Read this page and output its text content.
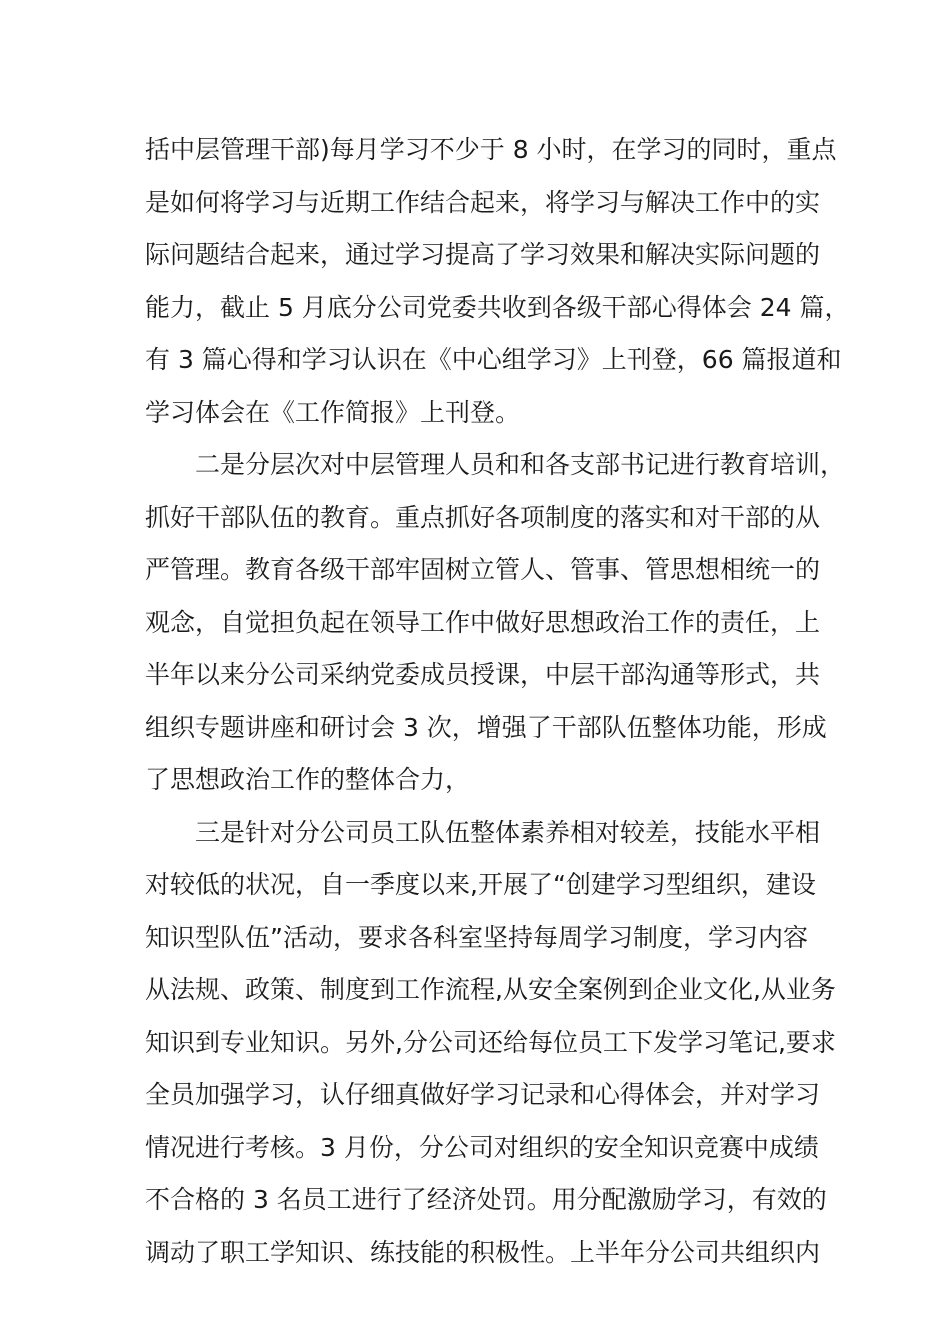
括中层管理干部)每月学习不少于 8 小时，在学习的同时，重点
是如何将学习与近期工作结合起来，将学习与解决工作中的实
际问题结合起来，通过学习提高了学习效果和解决实际问题的
能力，截止 5 月底分公司党委共收到各级干部心得体会 24 篇，
有 3 篇心得和学习认识在《中心组学习》上刊登，66 篇报道和
学习体会在《工作简报》上刊登。
二是分层次对中层管理人员和和各支部书记进行教育培训，
抓好干部队伍的教育。重点抓好各项制度的落实和对干部的从
严管理。教育各级干部牢固树立管人、管事、管思想相统一的
观念，自觉担负起在领导工作中做好思想政治工作的责任，上
半年以来分公司采纳党委成员授课，中层干部沟通等形式，共
组织专题讲座和研讨会 3 次，增强了干部队伍整体功能，形成
了思想政治工作的整体合力，
三是针对分公司员工队伍整体素养相对较差，技能水平相
对较低的状况，自一季度以来,开展了“创建学习型组织，建设
知识型队伍”活动，要求各科室坚持每周学习制度，学习内容
从法规、政策、制度到工作流程,从安全案例到企业文化,从业务
知识到专业知识。另外,分公司还给每位员工下发学习笔记,要求
全员加强学习，认仔细真做好学习记录和心得体会，并对学习
情况进行考核。3 月份，分公司对组织的安全知识竞赛中成绩
不合格的 3 名员工进行了经济处罚。用分配激励学习，有效的
调动了职工学知识、练技能的积极性。上半年分公司共组织内
